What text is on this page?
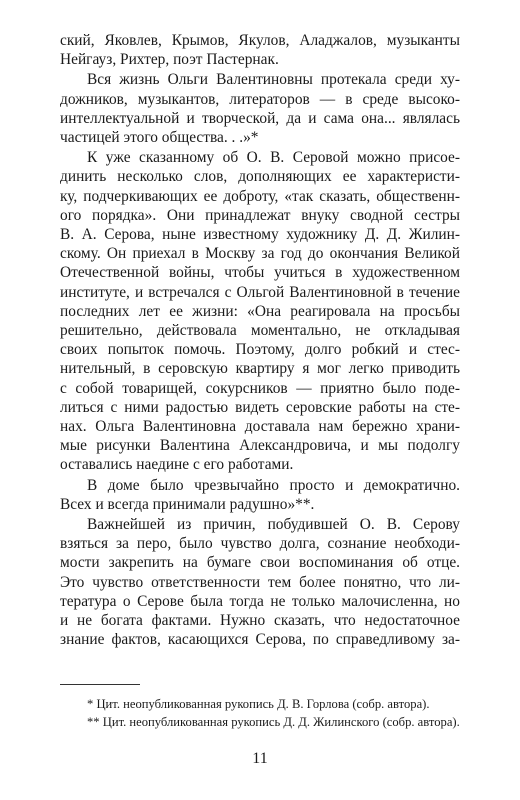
ский, Яковлев, Крымов, Якулов, Аладжалов, музыканты
Нейгауз, Рихтер, поэт Пастернак.
Вся жизнь Ольги Валентиновны протекала среди ху-
дожников, музыкантов, литераторов — в среде высоко-
интеллектуальной и творческой, да и сама она... являлась
частицей этого общества. . .»*
К уже сказанному об О. В. Серовой можно присое-
динить несколько слов, дополняющих ее характеристи-
ку, подчеркивающих ее доброту, «так сказать, общественн-
ого порядка». Они принадлежат внуку сводной сестры
В. А. Серова, ныне известному художнику Д. Д. Жилин-
скому. Он приехал в Москву за год до окончания Великой
Отечественной войны, чтобы учиться в художественном
институте, и встречался с Ольгой Валентиновной в течение
последних лет ее жизни: «Она реагировала на просьбы
решительно, действовала моментально, не откладывая
своих попыток помочь. Поэтому, долго робкий и стес-
нительный, в серовскую квартиру я мог легко приводить
с собой товарищей, сокурсников — приятно было поде-
литься с ними радостью видеть серовские работы на сте-
нах. Ольга Валентиновна доставала нам бережно храни-
мые рисунки Валентина Александровича, и мы подолгу
оставались наедине с его работами.
В доме было чрезвычайно просто и демократично.
Всех и всегда принимали радушно»**.
Важнейшей из причин, побудившей О. В. Серову
взяться за перо, было чувство долга, сознание необходи-
мости закрепить на бумаге свои воспоминания об отце.
Это чувство ответственности тем более понятно, что ли-
тература о Серове была тогда не только малочисленна, но
и не богата фактами. Нужно сказать, что недостаточное
знание фактов, касающихся Серова, по справедливому за-
* Цит. неопубликованная рукопись Д. В. Горлова (собр. автора).
** Цит. неопубликованная рукопись Д. Д. Жилинского (собр. автора).
11
